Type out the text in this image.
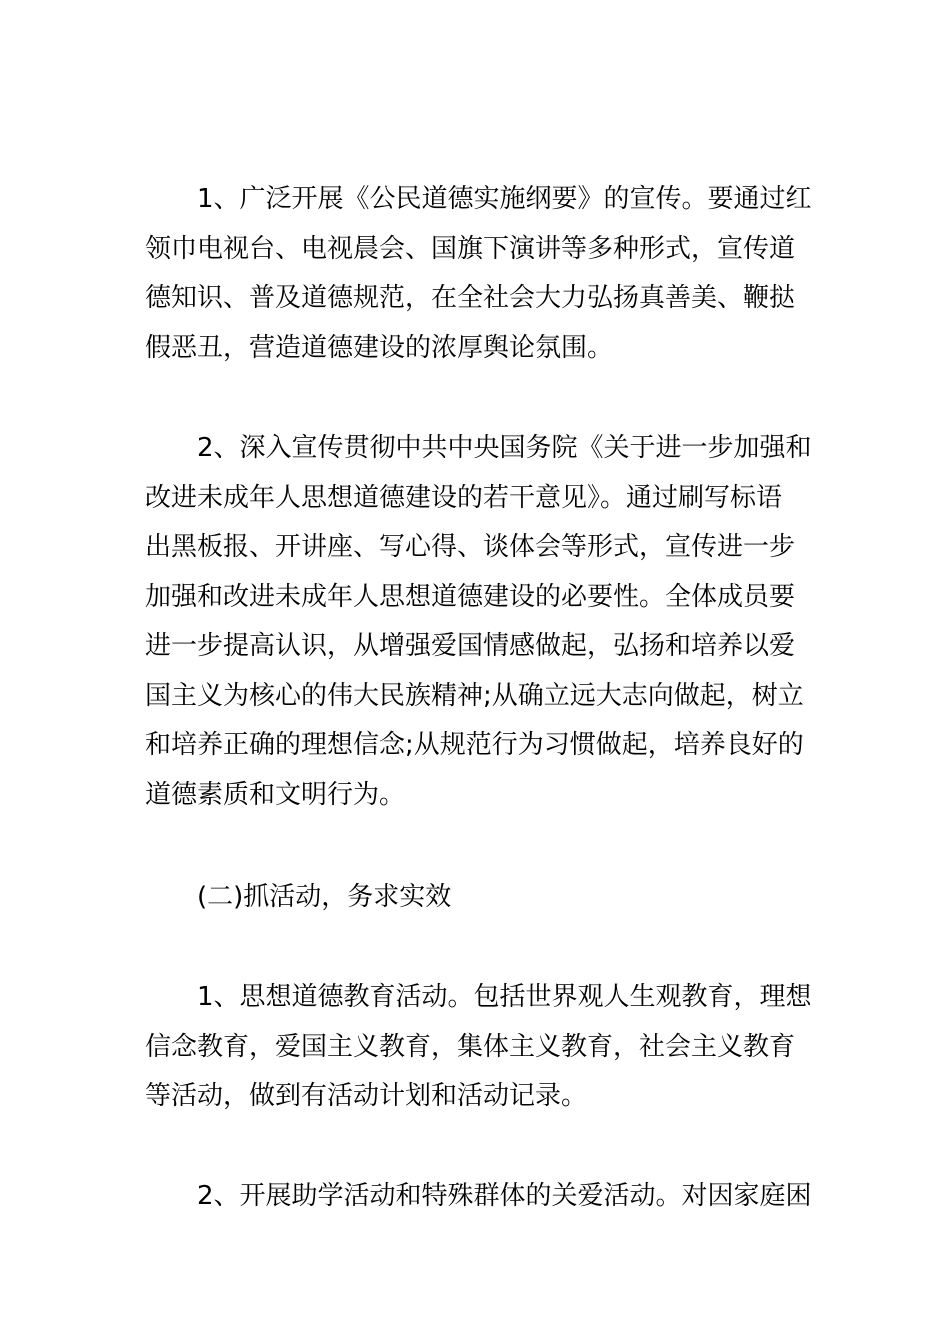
1、广泛开展《公民道德实施纲要》的宣传。要通过红
领巾电视台、电视晨会、国旗下演讲等多种形式，宣传道
德知识、普及道德规范，在全社会大力弘扬真善美、鞭挞
假恶丑，营造道德建设的浓厚舆论氛围。
2、深入宣传贯彻中共中央国务院《关于进一步加强和
改进未成年人思想道德建设的若干意见》。通过刷写标语
出黑板报、开讲座、写心得、谈体会等形式，宣传进一步
加强和改进未成年人思想道德建设的必要性。全体成员要
进一步提高认识，从增强爱国情感做起，弘扬和培养以爱
国主义为核心的伟大民族精神;从确立远大志向做起，树立
和培养正确的理想信念;从规范行为习惯做起，培养良好的
道德素质和文明行为。
(二)抓活动，务求实效
1、思想道德教育活动。包括世界观人生观教育，理想
信念教育，爱国主义教育，集体主义教育，社会主义教育
等活动，做到有活动计划和活动记录。
2、开展助学活动和特殊群体的关爱活动。对因家庭困
